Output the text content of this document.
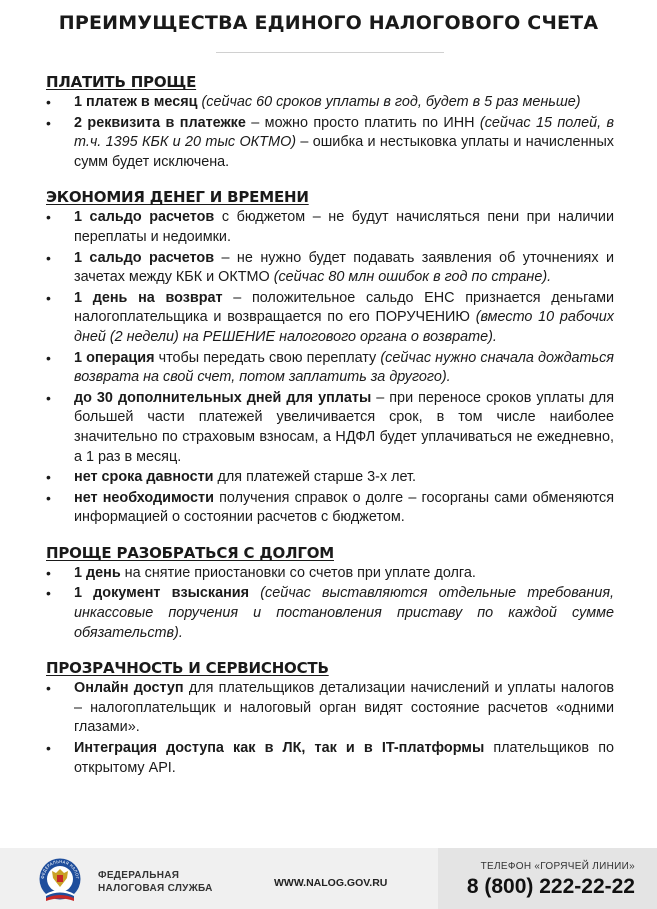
ПРЕИМУЩЕСТВА ЕДИНОГО НАЛОГОВОГО СЧЕТА
ПЛАТИТЬ ПРОЩЕ
• 1 платеж в месяц (сейчас 60 сроков уплаты в год, будет в 5 раз меньше)
• 2 реквизита в платежке – можно просто платить по ИНН (сейчас 15 полей, в т.ч. 1395 КБК и 20 тыс ОКТМО) – ошибка и нестыковка уплаты и начисленных сумм будет исключена.
ЭКОНОМИЯ ДЕНЕГ И ВРЕМЕНИ
• 1 сальдо расчетов с бюджетом – не будут начисляться пени при наличии переплаты и недоимки.
• 1 сальдо расчетов – не нужно будет подавать заявления об уточнениях и зачетах между КБК и ОКТМО (сейчас 80 млн ошибок в год по стране).
• 1 день на возврат – положительное сальдо ЕНС признается деньгами налогоплательщика и возвращается по его ПОРУЧЕНИЮ (вместо 10 рабочих дней (2 недели) на РЕШЕНИЕ налогового органа о возврате).
• 1 операция чтобы передать свою переплату (сейчас нужно сначала дождаться возврата на свой счет, потом заплатить за другого).
• до 30 дополнительных дней для уплаты – при переносе сроков уплаты для большей части платежей увеличивается срок, в том числе наиболее значительно по страховым взносам, а НДФЛ будет уплачиваться не ежедневно, а 1 раз в месяц.
• нет срока давности для платежей старше 3-х лет.
• нет необходимости получения справок о долге – госорганы сами обменяются информацией о состоянии расчетов с бюджетом.
ПРОЩЕ РАЗОБРАТЬСЯ С ДОЛГОМ
• 1 день на снятие приостановки со счетов при уплате долга.
• 1 документ взыскания (сейчас выставляются отдельные требования, инкассовые поручения и постановления приставу по каждой сумме обязательств).
ПРОЗРАЧНОСТЬ И СЕРВИСНОСТЬ
• Онлайн доступ для плательщиков детализации начислений и уплаты налогов – налогоплательщик и налоговый орган видят состояние расчетов «одними глазами».
• Интеграция доступа как в ЛК, так и в IT-платформы плательщиков по открытому API.
ФЕДЕРАЛЬНАЯ НАЛОГ ФЕДЕРАЛЬНАЯ
НАЛОГОВАЯ СЛУЖБА	WWW.NALOG.GOV.RU
ТЕЛЕФОН «ГОРЯЧЕЙ ЛИНИИ»
8 (800) 222-22-22
